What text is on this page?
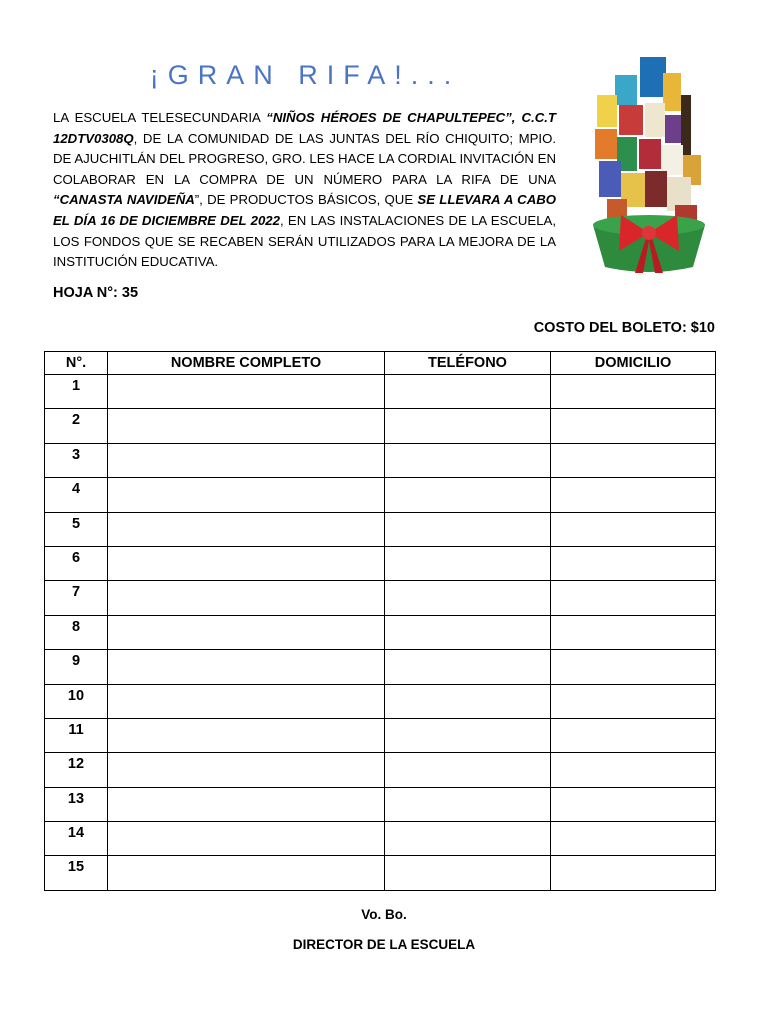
¡GRAN RIFA!...

LA ESCUELA TELESECUNDARIA “NIÑOS HÉROES DE CHAPULTEPEC”, C.C.T 12DTV0308Q, DE LA COMUNIDAD DE LAS JUNTAS DEL RÍO CHIQUITO; MPIO. DE AJUCHITLÁN DEL PROGRESO, GRO. LES HACE LA CORDIAL INVITACIÓN EN COLABORAR EN LA COMPRA DE UN NÚMERO PARA LA RIFA DE UNA “CANASTA NAVIDEÑA”, DE PRODUCTOS BÁSICOS, QUE SE LLEVARA A CABO EL DÍA 16 DE DICIEMBRE DEL 2022, EN LAS INSTALACIONES DE LA ESCUELA, LOS FONDOS QUE SE RECABEN SERÁN UTILIZADOS PARA LA MEJORA DE LA INSTITUCIÓN EDUCATIVA.

HOJA N°: 35
COSTO DEL BOLETO: $10
N°.	NOMBRE COMPLETO	TELÉFONO	DOMICILIO
1			
2			
3			
4			
5			
6			
7			
8			
9			
10			
11			
12			
13			
14			
15			
Vo. Bo.
DIRECTOR DE LA ESCUELA
